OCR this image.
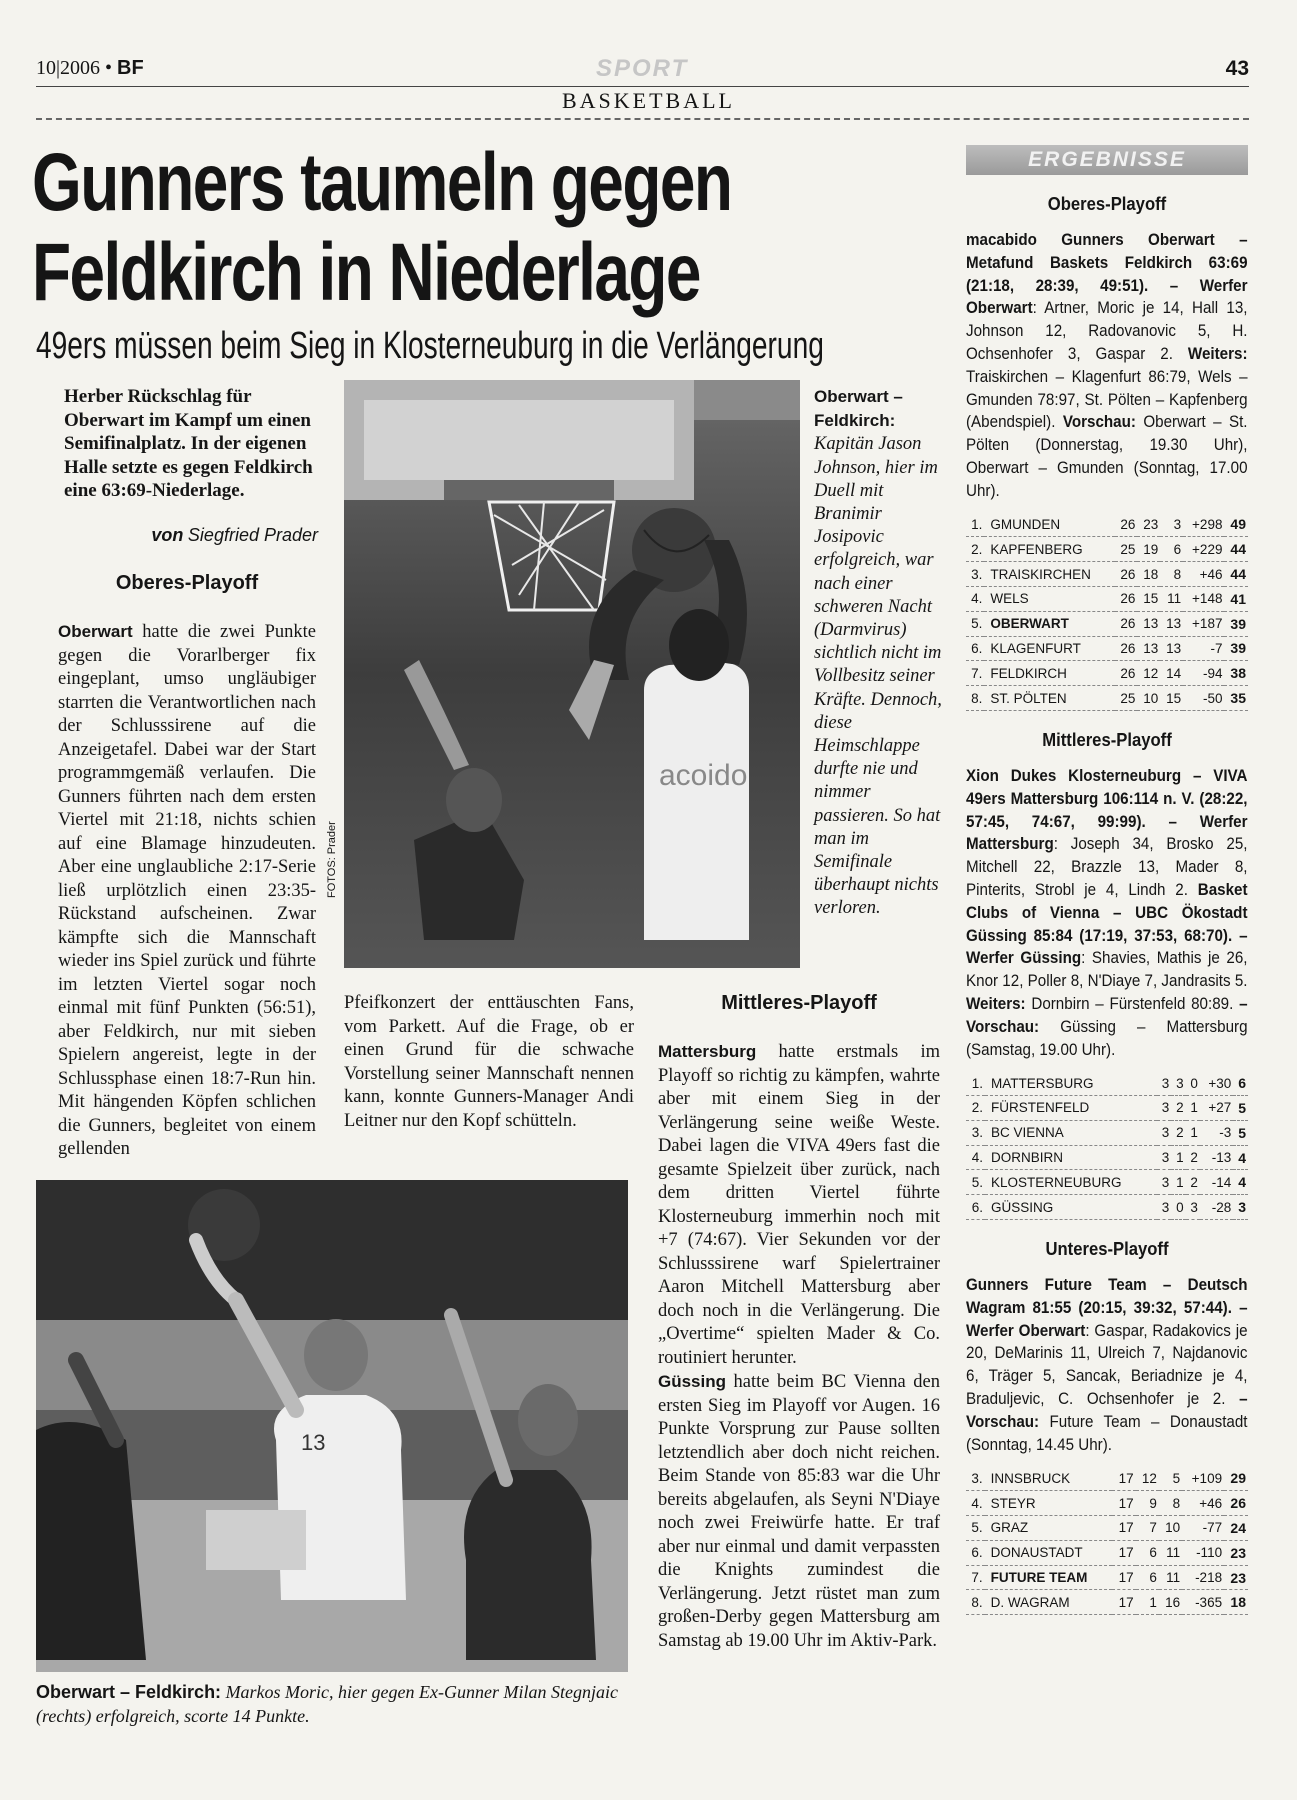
10|2006 • BF	SPORT	43
BASKETBALL
Gunners taumeln gegen
Feldkirch in Niederlage
49ers müssen beim Sieg in Klosterneuburg in die Verlängerung
Herber Rückschlag für Oberwart im Kampf um einen Semifinalplatz. In der eigenen Halle setzte es gegen Feldkirch eine 63:69-Niederlage.
von Siegfried Prader
Oberes-Playoff
Oberwart hatte die zwei Punkte gegen die Vorarlberger fix eingeplant, umso ungläubiger starrten die Verantwortlichen nach der Schlusssirene auf die Anzeigetafel. Dabei war der Start programmgemäß verlaufen. Die Gunners führten nach dem ersten Viertel mit 21:18, nichts schien auf eine Blamage hinzudeuten. Aber eine unglaubliche 2:17-Serie ließ urplötzlich einen 23:35-Rückstand aufscheinen. Zwar kämpfte sich die Mannschaft wieder ins Spiel zurück und führte im letzten Viertel sogar noch einmal mit fünf Punkten (56:51), aber Feldkirch, nur mit sieben Spielern angereist, legte in der Schlussphase einen 18:7-Run hin. Mit hängenden Köpfen schlichen die Gunners, begleitet von einem gellenden
acoido
FOTOS: Prader
Oberwart – Feldkirch: Kapitän Jason Johnson, hier im Duell mit Branimir Josipovic erfolgreich, war nach einer schweren Nacht (Darmvirus) sichtlich nicht im Vollbesitz seiner Kräfte. Dennoch, diese Heimschlappe durfte nie und nimmer passieren. So hat man im Semifinale überhaupt nichts verloren.
Pfeifkonzert der enttäuschten Fans, vom Parkett. Auf die Frage, ob er einen Grund für die schwache Vorstellung seiner Mannschaft nennen kann, konnte Gunners-Manager Andi Leitner nur den Kopf schütteln.
Mittleres-Playoff
Mattersburg hatte erstmals im Playoff so richtig zu kämpfen, wahrte aber mit einem Sieg in der Verlängerung seine weiße Weste. Dabei lagen die VIVA 49ers fast die gesamte Spielzeit über zurück, nach dem dritten Viertel führte Klosterneuburg immerhin noch mit +7 (74:67). Vier Sekunden vor der Schlusssirene warf Spielertrainer Aaron Mitchell Mattersburg aber doch noch in die Verlängerung. Die „Overtime“ spielten Mader & Co. routiniert herunter.
Güssing hatte beim BC Vienna den ersten Sieg im Playoff vor Augen. 16 Punkte Vorsprung zur Pause sollten letztendlich aber doch nicht reichen. Beim Stande von 85:83 war die Uhr bereits abgelaufen, als Seyni N'Diaye noch zwei Freiwürfe hatte. Er traf aber nur einmal und damit verpassten die Knights zumindest die Verlängerung. Jetzt rüstet man zum großen-Derby gegen Mattersburg am Samstag ab 19.00 Uhr im Aktiv-Park.
13
Oberwart – Feldkirch: Markos Moric, hier gegen Ex-Gunner Milan Stegnjaic (rechts) erfolgreich, scorte 14 Punkte.
ERGEBNISSE
Oberes-Playoff
macabido Gunners Oberwart – Metafund Baskets Feldkirch 63:69 (21:18, 28:39, 49:51). – Werfer Oberwart: Artner, Moric je 14, Hall 13, Johnson 12, Radovanovic 5, H. Ochsenhofer 3, Gaspar 2. Weiters: Traiskirchen – Klagenfurt 86:79, Wels – Gmunden 78:97, St. Pölten – Kapfenberg (Abendspiel). Vorschau: Oberwart – St. Pölten (Donnerstag, 19.30 Uhr), Oberwart – Gmunden (Sonntag, 17.00 Uhr).
1.	GMUNDEN	26	23	3	+298	49
2.	KAPFENBERG	25	19	6	+229	44
3.	TRAISKIRCHEN	26	18	8	+46	44
4.	WELS	26	15	11	+148	41
5.	OBERWART	26	13	13	+187	39
6.	KLAGENFURT	26	13	13	-7	39
7.	FELDKIRCH	26	12	14	-94	38
8.	ST. PÖLTEN	25	10	15	-50	35
Mittleres-Playoff
Xion Dukes Klosterneuburg – VIVA 49ers Mattersburg 106:114 n. V. (28:22, 57:45, 74:67, 99:99). – Werfer Mattersburg: Joseph 34, Brosko 25, Mitchell 22, Brazzle 13, Mader 8, Pinterits, Strobl je 4, Lindh 2. Basket Clubs of Vienna – UBC Ökostadt Güssing 85:84 (17:19, 37:53, 68:70). – Werfer Güssing: Shavies, Mathis je 26, Knor 12, Poller 8, N'Diaye 7, Jandrasits 5. Weiters: Dornbirn – Fürstenfeld 80:89. – Vorschau: Güssing – Mattersburg (Samstag, 19.00 Uhr).
1.	MATTERSBURG	3	3	0	+30	6
2.	FÜRSTENFELD	3	2	1	+27	5
3.	BC VIENNA	3	2	1	-3	5
4.	DORNBIRN	3	1	2	-13	4
5.	KLOSTERNEUBURG	3	1	2	-14	4
6.	GÜSSING	3	0	3	-28	3
Unteres-Playoff
Gunners Future Team – Deutsch Wagram 81:55 (20:15, 39:32, 57:44). – Werfer Oberwart: Gaspar, Radakovics je 20, DeMarinis 11, Ulreich 7, Najdanovic 6, Träger 5, Sancak, Beriadnize je 4, Braduljevic, C. Ochsenhofer je 2. – Vorschau: Future Team – Donaustadt (Sonntag, 14.45 Uhr).
3.	INNSBRUCK	17	12	5	+109	29
4.	STEYR	17	9	8	+46	26
5.	GRAZ	17	7	10	-77	24
6.	DONAUSTADT	17	6	11	-110	23
7.	FUTURE TEAM	17	6	11	-218	23
8.	D. WAGRAM	17	1	16	-365	18
